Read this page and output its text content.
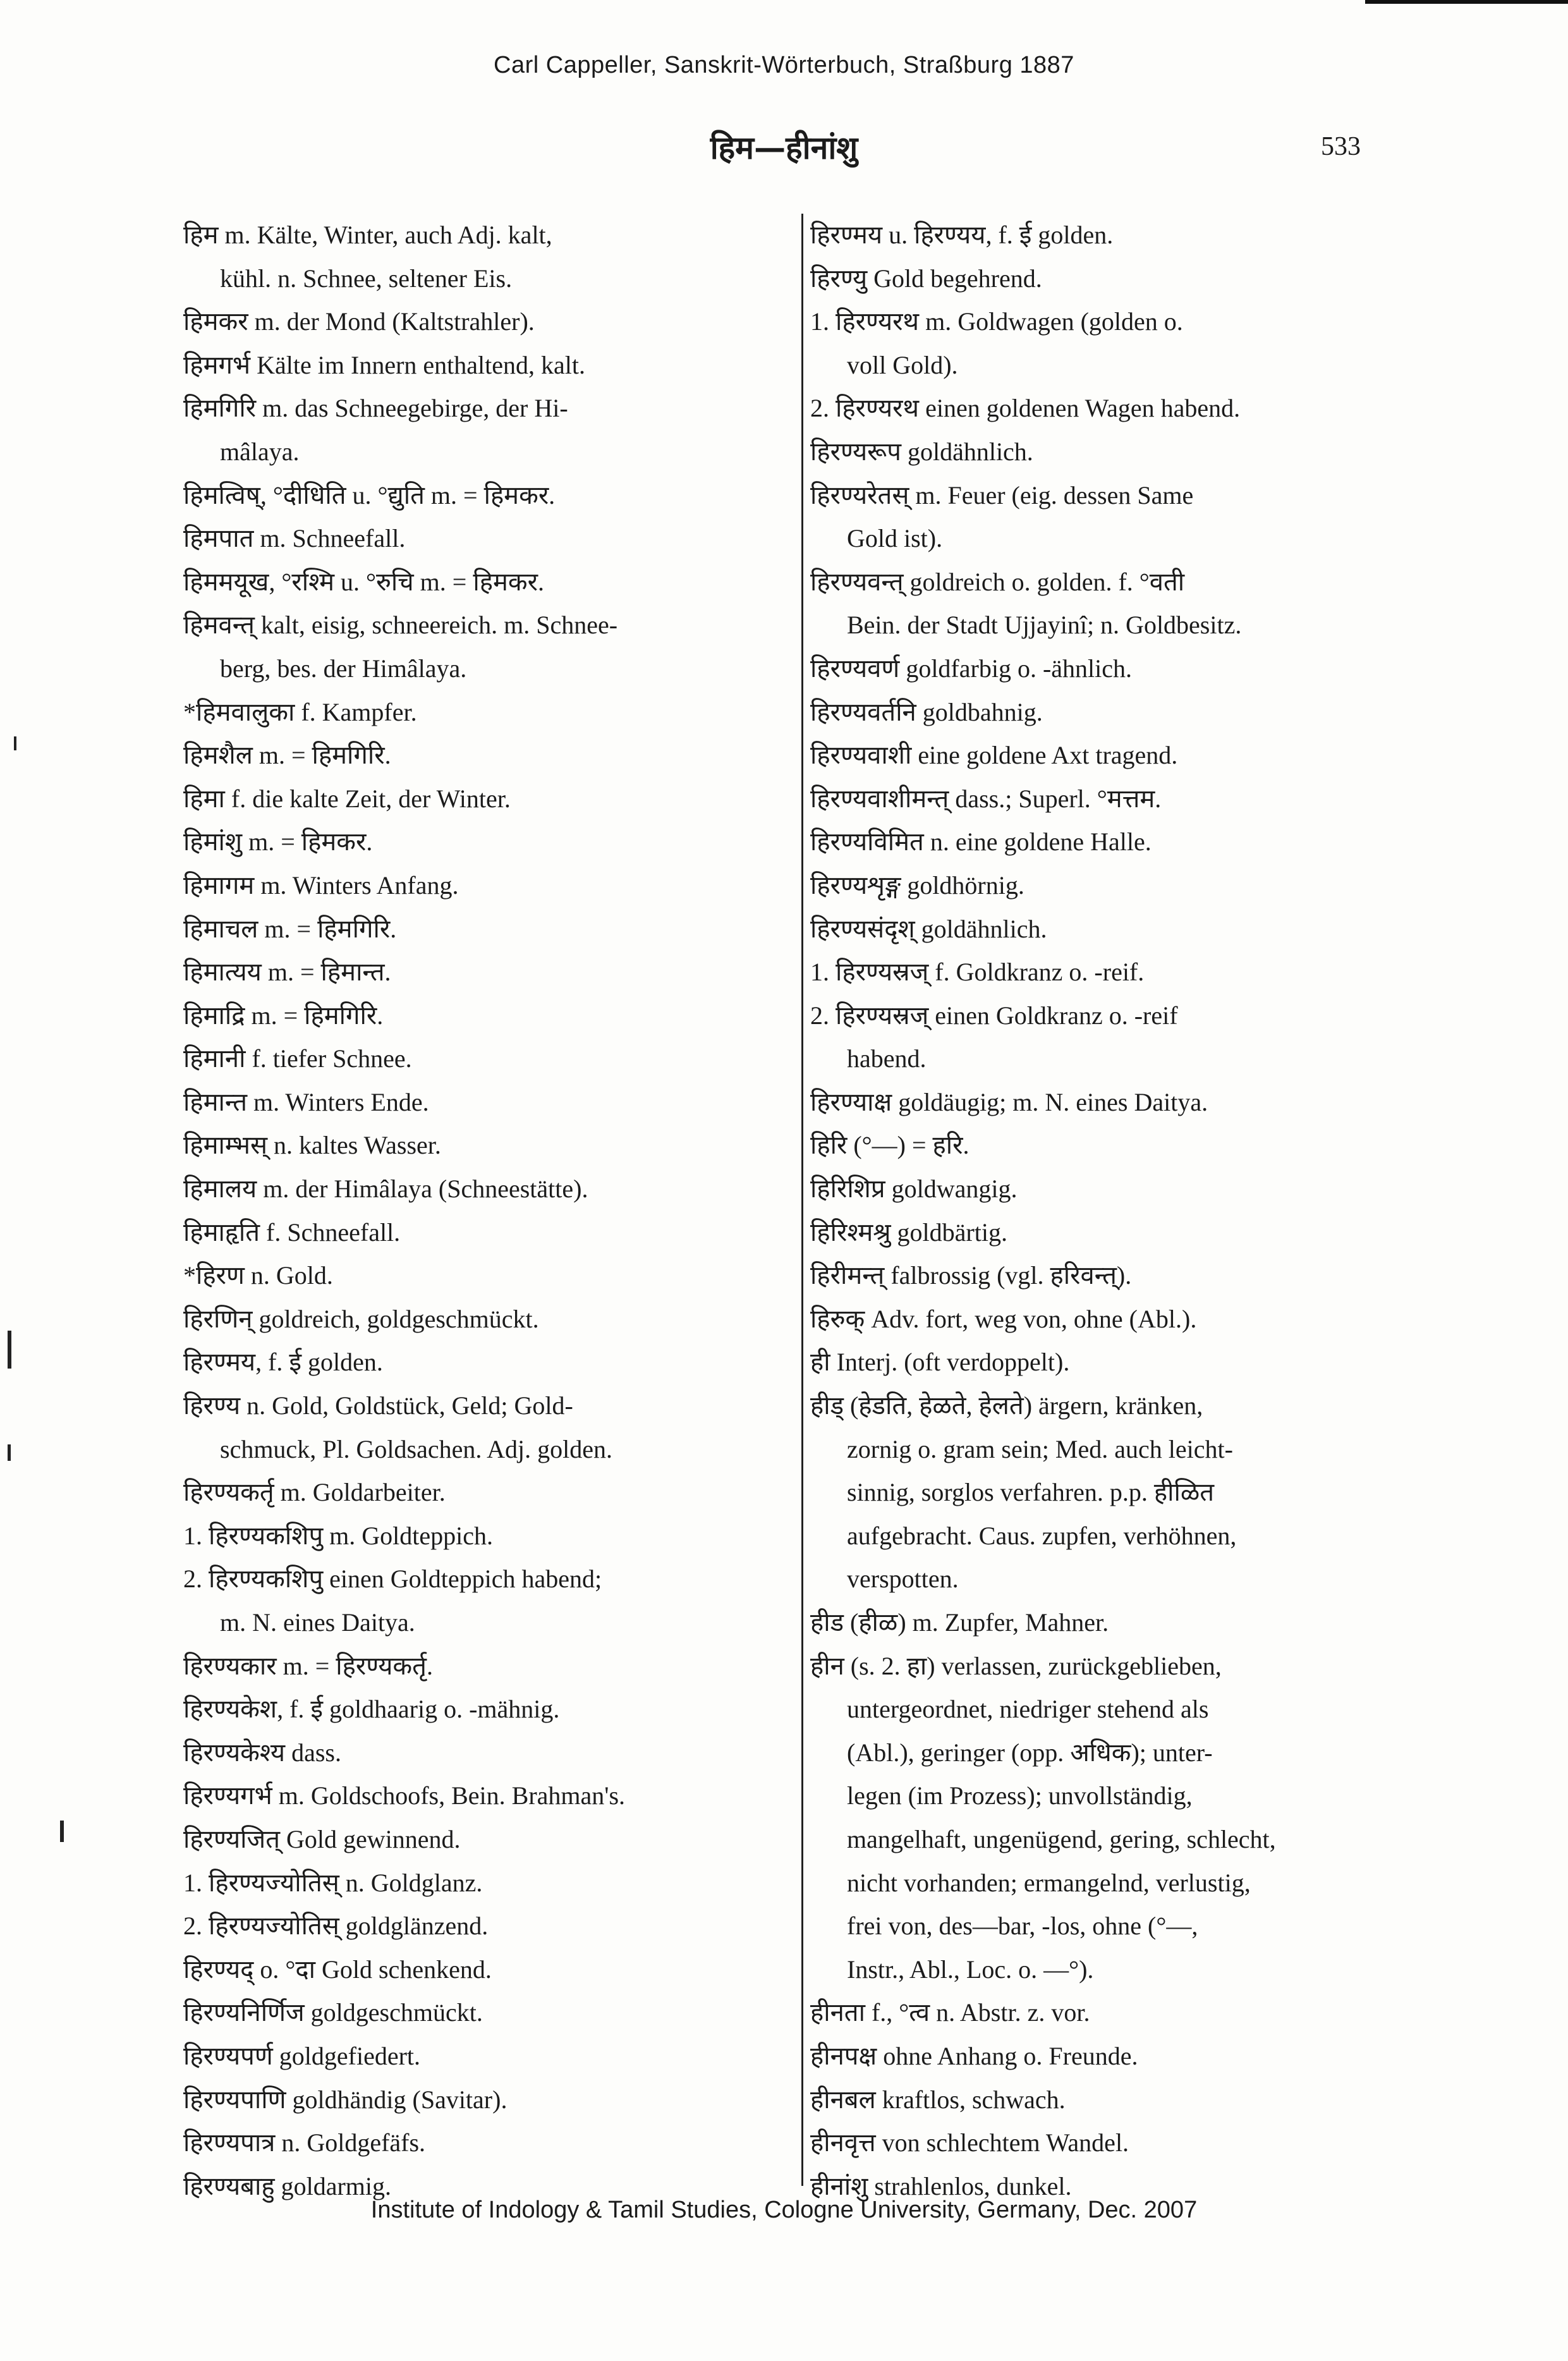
Carl Cappeller, Sanskrit-Wörterbuch, Straßburg 1887
हिम—हीनांशु	533
हिम m. Kälte, Winter, auch Adj. kalt,
kühl. n. Schnee, seltener Eis.
हिमकर m. der Mond (Kaltstrahler).
हिमगर्भ Kälte im Innern enthaltend, kalt.
हिमगिरि m. das Schneegebirge, der Hi-
mâlaya.
हिमत्विष्, °दीधिति u. °द्युति m. = हिमकर.
हिमपात m. Schneefall.
हिममयूख, °रश्मि u. °रुचि m. = हिमकर.
हिमवन्त् kalt, eisig, schneereich. m. Schnee-
berg, bes. der Himâlaya.
*हिमवालुका f. Kampfer.
हिमशैल m. = हिमगिरि.
हिमा f. die kalte Zeit, der Winter.
हिमांशु m. = हिमकर.
हिमागम m. Winters Anfang.
हिमाचल m. = हिमगिरि.
हिमात्यय m. = हिमान्त.
हिमाद्रि m. = हिमगिरि.
हिमानी f. tiefer Schnee.
हिमान्त m. Winters Ende.
हिमाम्भस् n. kaltes Wasser.
हिमालय m. der Himâlaya (Schneestätte).
हिमाहृति f. Schneefall.
*हिरण n. Gold.
हिरणिन् goldreich, goldgeschmückt.
हिरण्मय, f. ई golden.
हिरण्य n. Gold, Goldstück, Geld; Gold-
schmuck, Pl. Goldsachen. Adj. golden.
हिरण्यकर्तृ m. Goldarbeiter.
1. हिरण्यकशिपु m. Goldteppich.
2. हिरण्यकशिपु einen Goldteppich habend;
m. N. eines Daitya.
हिरण्यकार m. = हिरण्यकर्तृ.
हिरण्यकेश, f. ई goldhaarig o. -mähnig.
हिरण्यकेश्य dass.
हिरण्यगर्भ m. Goldschoofs, Bein. Brahman's.
हिरण्यजित् Gold gewinnend.
1. हिरण्यज्योतिस् n. Goldglanz.
2. हिरण्यज्योतिस् goldglänzend.
हिरण्यद् o. °दा Gold schenkend.
हिरण्यनिर्णिज goldgeschmückt.
हिरण्यपर्ण goldgefiedert.
हिरण्यपाणि goldhändig (Savitar).
हिरण्यपात्र n. Goldgefäfs.
हिरण्यबाहु goldarmig.
हिरण्मय u. हिरण्यय, f. ई golden.
हिरण्यु Gold begehrend.
1. हिरण्यरथ m. Goldwagen (golden o.
voll Gold).
2. हिरण्यरथ einen goldenen Wagen habend.
हिरण्यरूप goldähnlich.
हिरण्यरेतस् m. Feuer (eig. dessen Same
Gold ist).
हिरण्यवन्त् goldreich o. golden. f. °वती
Bein. der Stadt Ujjayinî; n. Goldbesitz.
हिरण्यवर्ण goldfarbig o. -ähnlich.
हिरण्यवर्तनि goldbahnig.
हिरण्यवाशी eine goldene Axt tragend.
हिरण्यवाशीमन्त् dass.; Superl. °मत्तम.
हिरण्यविमित n. eine goldene Halle.
हिरण्यशृङ्ग goldhörnig.
हिरण्यसंदृश् goldähnlich.
1. हिरण्यस्रज् f. Goldkranz o. -reif.
2. हिरण्यस्रज् einen Goldkranz o. -reif
habend.
हिरण्याक्ष goldäugig; m. N. eines Daitya.
हिरि (°—) = हरि.
हिरिशिप्र goldwangig.
हिरिश्मश्रु goldbärtig.
हिरीमन्त् falbrossig (vgl. हरिवन्त्).
हिरुक् Adv. fort, weg von, ohne (Abl.).
ही Interj. (oft verdoppelt).
हीड् (हेडति, हेळते, हेलते) ärgern, kränken,
zornig o. gram sein; Med. auch leicht-
sinnig, sorglos verfahren. p.p. हीळित
aufgebracht. Caus. zupfen, verhöhnen,
verspotten.
हीड (हीळ) m. Zupfer, Mahner.
हीन (s. 2. हा) verlassen, zurückgeblieben,
untergeordnet, niedriger stehend als
(Abl.), geringer (opp. अधिक); unter-
legen (im Prozess); unvollständig,
mangelhaft, ungenügend, gering, schlecht,
nicht vorhanden; ermangelnd, verlustig,
frei von, des—bar, -los, ohne (°—,
Instr., Abl., Loc. o. —°).
हीनता f., °त्व n. Abstr. z. vor.
हीनपक्ष ohne Anhang o. Freunde.
हीनबल kraftlos, schwach.
हीनवृत्त von schlechtem Wandel.
हीनांशु strahlenlos, dunkel.
Institute of Indology & Tamil Studies, Cologne University, Germany, Dec. 2007
